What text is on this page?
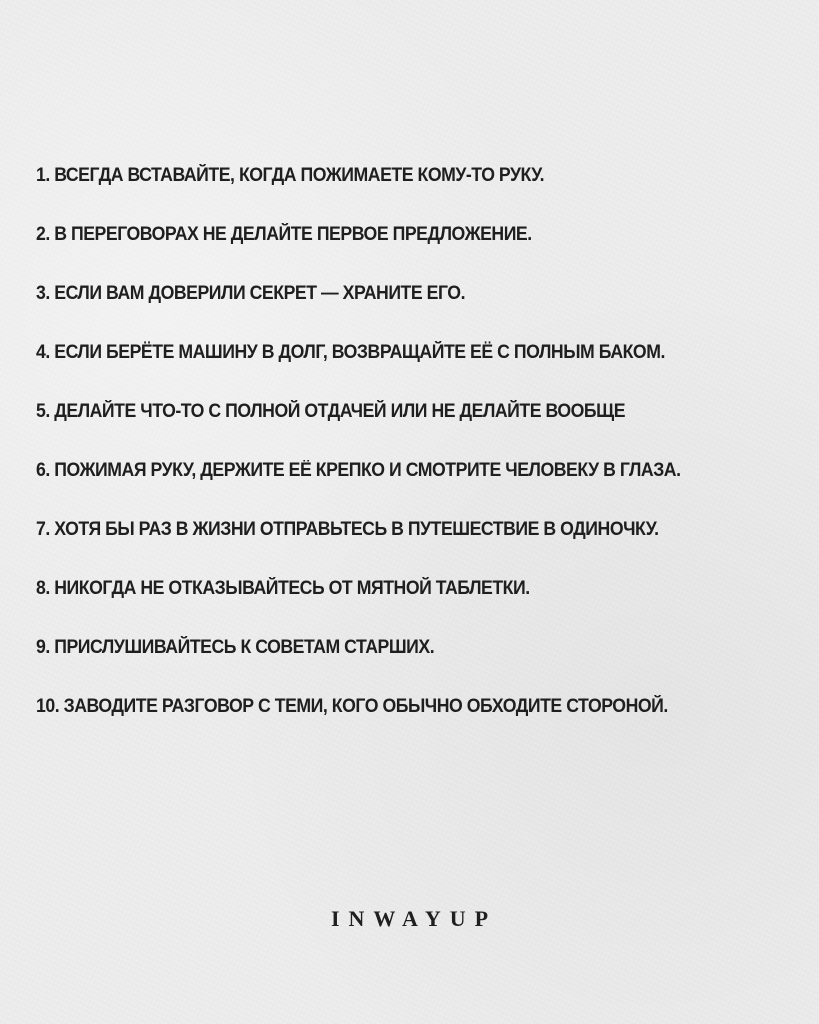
1. ВСЕГДА ВСТАВАЙТЕ, КОГДА ПОЖИМАЕТЕ КОМУ-ТО РУКУ.
2. В ПЕРЕГОВОРАХ НЕ ДЕЛАЙТЕ ПЕРВОЕ ПРЕДЛОЖЕНИЕ.
3. ЕСЛИ ВАМ ДОВЕРИЛИ СЕКРЕТ — ХРАНИТЕ ЕГО.
4. ЕСЛИ БЕРЁТЕ МАШИНУ В ДОЛГ, ВОЗВРАЩАЙТЕ ЕЁ С ПОЛНЫМ БАКОМ.
5. ДЕЛАЙТЕ ЧТО-ТО С ПОЛНОЙ ОТДАЧЕЙ ИЛИ НЕ ДЕЛАЙТЕ ВООБЩЕ
6. ПОЖИМАЯ РУКУ, ДЕРЖИТЕ ЕЁ КРЕПКО И СМОТРИТЕ ЧЕЛОВЕКУ В ГЛАЗА.
7. ХОТЯ БЫ РАЗ В ЖИЗНИ ОТПРАВЬТЕСЬ В ПУТЕШЕСТВИЕ В ОДИНОЧКУ.
8. НИКОГДА НЕ ОТКАЗЫВАЙТЕСЬ ОТ МЯТНОЙ ТАБЛЕТКИ.
9. ПРИСЛУШИВАЙТЕСЬ К СОВЕТАМ СТАРШИХ.
10. ЗАВОДИТЕ РАЗГОВОР С ТЕМИ, КОГО ОБЫЧНО ОБХОДИТЕ СТОРОНОЙ.
INWAYUP
